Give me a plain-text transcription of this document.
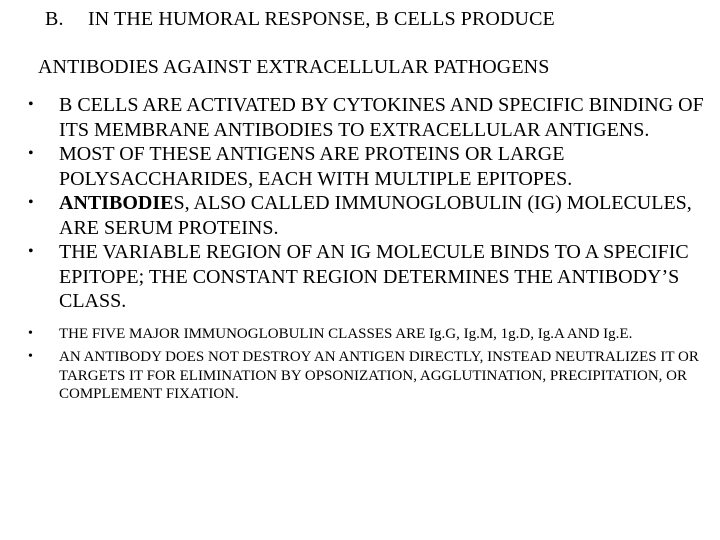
B. IN THE HUMORAL RESPONSE, B CELLS PRODUCE
ANTIBODIES AGAINST EXTRACELLULAR PATHOGENS
• B CELLS ARE ACTIVATED BY CYTOKINES AND SPECIFIC BINDING OF ITS MEMBRANE ANTIBODIES TO EXTRACELLULAR ANTIGENS.
• MOST OF THESE ANTIGENS ARE PROTEINS OR LARGE POLYSACCHARIDES, EACH WITH MULTIPLE EPITOPES.
• ANTIBODIES, ALSO CALLED IMMUNOGLOBULIN (IG) MOLECULES, ARE SERUM PROTEINS.
• THE VARIABLE REGION OF AN IG MOLECULE BINDS TO A SPECIFIC EPITOPE; THE CONSTANT REGION DETERMINES THE ANTIBODY’S CLASS.
• THE FIVE MAJOR IMMUNOGLOBULIN CLASSES ARE Ig.G, Ig.M, 1g.D, Ig.A AND Ig.E.
• AN ANTIBODY DOES NOT DESTROY AN ANTIGEN DIRECTLY, INSTEAD NEUTRALIZES IT OR TARGETS IT FOR ELIMINATION BY OPSONIZATION, AGGLUTINATION, PRECIPITATION, OR COMPLEMENT FIXATION.
